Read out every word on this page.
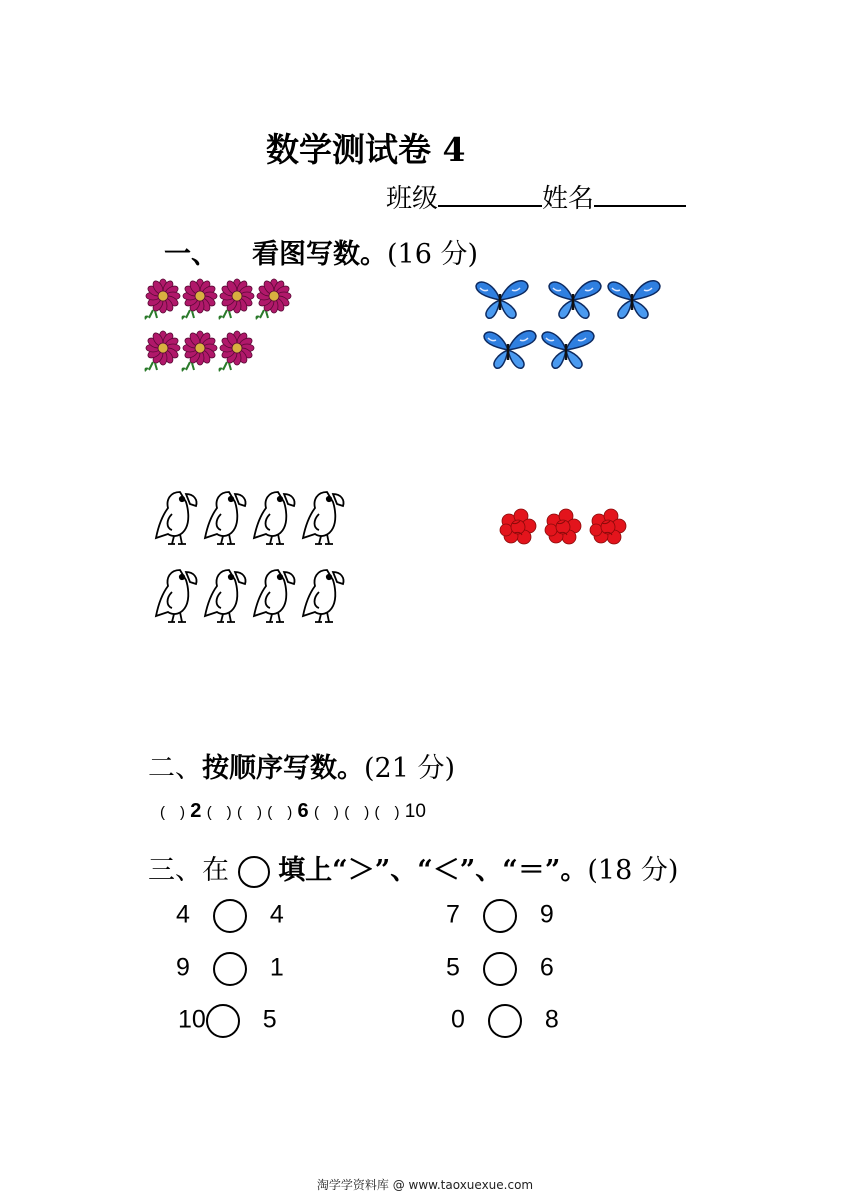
数学测试卷 4
班级	姓名
一、 看图写数。(16 分)
二、按顺序写数。(21 分)
(　) 2 (　) (　) (　) 6 (　) (　) (　) 10
三、在 填上“＞”、“＜”、“＝”。(18 分)
4	4	7	9
9	1	5	6
10 5	0	8
淘学学资料库 @ www.taoxuexue.com
